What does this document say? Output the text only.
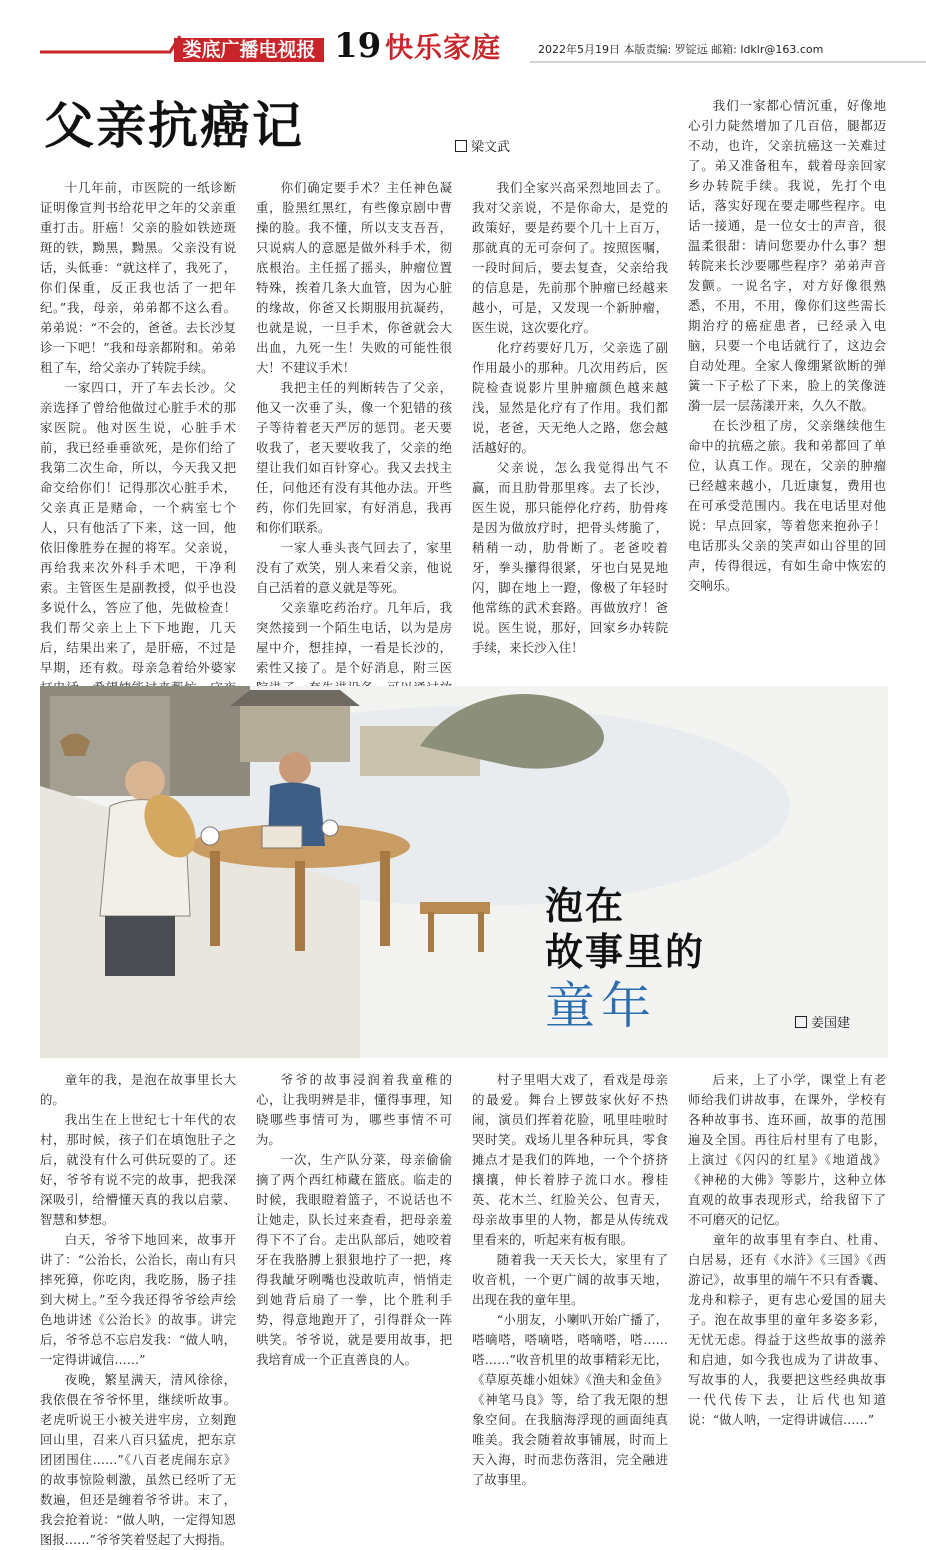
娄底广播电视报 19 快乐家庭	2022年5月19日 本版责编: 罗锭远 邮箱: ldklr@163.com
父亲抗癌记	梁文武

十几年前，市医院的一纸诊断证明像宣判书给花甲之年的父亲重重打击。肝癌！父亲的脸如铁迹斑斑的铁，黝黑，黝黑。父亲没有说话，头低垂：“就这样了，我死了，你们保重，反正我也活了一把年纪。”我，母亲，弟弟都不这么看。弟弟说：“不会的，爸爸。去长沙复诊一下吧！”我和母亲都附和。弟弟租了车，给父亲办了转院手续。

一家四口，开了车去长沙。父亲选择了曾给他做过心脏手术的那家医院。他对医生说，心脏手术前，我已经垂垂欲死，是你们给了我第二次生命，所以，今天我又把命交给你们！记得那次心脏手术，父亲真正是赌命，一个病室七个人，只有他活了下来，这一回，他依旧像胜券在握的将军。父亲说，再给我来次外科手术吧，干净利索。主管医生是副教授，似乎也没多说什么，答应了他，先做检查！我们帮父亲上上下下地跑，几天后，结果出来了，是肝癌，不过是早期，还有救。母亲急着给外婆家

你们确定要手术？主任神色凝重，脸黑红黑红，有些像京剧中曹操的脸。我不懂，所以支支吾吾，只说病人的意愿是做外科手术，彻底根治。主任摇了摇头，肿瘤位置特殊，挨着几条大血管，因为心脏的缘故，你爸又长期服用抗凝药，也就是说，一旦手术，你爸就会大出血，九死一生！失败的可能性很大！不建议手术！

我把主任的判断转告了父亲，他又一次垂了头，像一个犯错的孩子等待着老天严厉的惩罚。老天要收我了，老天要收我了，父亲的绝望让我们如百针穿心。我又去找主任，问他还有没有其他办法。开些药，你们先回家，有好消息，我再和你们联系。

一家人垂头丧气回去了，家里没有了欢笑，别人来看父亲，他说自己活着的意义就是等死。

父亲靠吃药治疗。几年后，我突然接到一个陌生电话，以为是房屋中介，想挂掉，一看是长沙的，索性又接了。是个好消息，附三医

我们全家兴高采烈地回去了。我对父亲说，不是你命大，是党的政策好，要是药要个几十上百万，那就真的无可奈何了。按照医嘱，一段时间后，要去复查，父亲给我的信息是，先前那个肿瘤已经越来越小，可是，又发现一个新肿瘤，医生说，这次要化疗。

化疗药要好几万，父亲选了副作用最小的那种。几次用药后，医院检查说影片里肿瘤颜色越来越浅，显然是化疗有了作用。我们都说，老爸，天无绝人之路，您会越活越好的。

父亲说，怎么我觉得出气不赢，而且肋骨那里疼。去了长沙，医生说，那只能停化疗药，肋骨疼是因为做放疗时，把骨头烤脆了，稍稍一动，肋骨断了。老爸咬着牙，拳头攥得很紧，牙也白晃晃地闪，脚在地上一蹬，像极了年轻时他常练的武术套路。再做放疗！爸说。医生说，那好，回家乡办转院手续，来长沙入住！

我们一家都心情沉重，好像地心引力陡然增加了几百倍，腿都迈不动，也许，父亲抗癌这一关难过了。弟又准备租车，载着母亲回家乡办转院手续。我说，先打个电话，落实好现在要走哪些程序。电话一接通，是一位女士的声音，很温柔很甜：请问您要办什么事？想转院来长沙要哪些程序？弟弟声音发颤。一说名字，对方好像很熟悉，不用，不用，像你们这些需长期治疗的癌症患者，已经录入电脑，只要一个电话就行了，这边会自动处理。全家人像绷紧欲断的弹簧一下子松了下来，脸上的笑像涟漪一层一层荡漾开来，久久不散。

在长沙租了房，父亲继续他生命中的抗癌之旅。我和弟都回了单位，认真工作。现在，父亲的肿瘤已经越来越小，几近康复，费用也在可承受范围内。我在电话里对他说：早点回家，等着您来抱孙子！电话那头父亲的笑声如山谷里的回声，传得很远，有如生命中恢宏的交响乐。

泡在
故事里的
童年	姜国建

童年的我，是泡在故事里长大的。

我出生在上世纪七十年代的农村，那时候，孩子们在填饱肚子之后，就没有什么可供玩耍的了。还好，爷爷有说不完的故事，把我深深吸引，给懵懂天真的我以启蒙、智慧和梦想。

白天，爷爷下地回来，故事开讲了：“公治长，公治长，南山有只摔死獐，你吃肉，我吃肠，肠子挂到大树上。”至今我还得爷爷绘声绘色地讲述《公治长》的故事。讲完后，爷爷总不忘启发我：“做人呐，一定得讲诚信……”

夜晚，繁星满天，清风徐徐，我依偎在爷爷怀里，继续听故事。老虎听说王小被关进牢房，立刻跑回山里，召来八百只猛虎，把东京团团围住……”《八百老虎闹东京》的故事惊险刺激，虽然已经听了无数遍，但还是缠着爷爷讲。末了，我会抢着说：“做人呐，一定得知恩图报……”爷爷笑着竖起了大拇指。

爷爷的故事浸润着我童稚的心，让我明辨是非，懂得事理，知晓哪些事情可为，哪些事情不可为。

一次，生产队分菜，母亲偷偷摘了两个西红柿藏在篮底。临走的时候，我眼瞪着篮子，不说话也不让她走，队长过来查看，把母亲羞得下不了台。走出队部后，她咬着牙在我胳膊上狠狠地拧了一把，疼得我龇牙咧嘴也没敢吭声，悄悄走到她背后扇了一拳，比个胜利手势，得意地跑开了，引得群众一阵哄笑。爷爷说，就是要用故事，把我培育成一个正直善良的人。

村子里唱大戏了，看戏是母亲的最爱。舞台上锣鼓家伙好不热闹，演员们挥着花脸，吼里哇啦时哭时笑。戏场儿里各种玩具，零食摊点才是我们的阵地，一个个挤挤攘攘，伸长着脖子流口水。穆桂英、花木兰、红脸关公、包青天，母亲故事里的人物，都是从传统戏里看来的，听起来有板有眼。

随着我一天天长大，家里有了收音机，一个更广阔的故事天地，出现在我的童年里。

“小朋友，小喇叭开始广播了，嗒嘀嗒，嗒嘀嗒，嗒嘀嗒，嗒……嗒……”收音机里的故事精彩无比，《草原英雄小姐妹》《渔夫和金鱼》《神笔马良》等，给了我无限的想象空间。在我脑海浮现的画面纯真唯美。我会随着故事铺展，时而上天入海，时而悲伤落泪，完全融进了故事里。

后来，上了小学，课堂上有老师给我们讲故事，在课外，学校有各种故事书、连环画，故事的范围遍及全国。再往后村里有了电影，上演过《闪闪的红星》《地道战》《神秘的大佛》等影片，这种立体直观的故事表现形式，给我留下了不可磨灭的记忆。

童年的故事里有李白、杜甫、白居易，还有《水浒》《三国》《西游记》，故事里的端午不只有香囊、龙舟和粽子，更有忠心爱国的屈夫子。泡在故事里的童年多姿多彩，无忧无虑。得益于这些故事的滋养和启迪，如今我也成为了讲故事、写故事的人，我要把这些经典故事一代代传下去，让后代也知道说：“做人呐，一定得讲诚信……”
